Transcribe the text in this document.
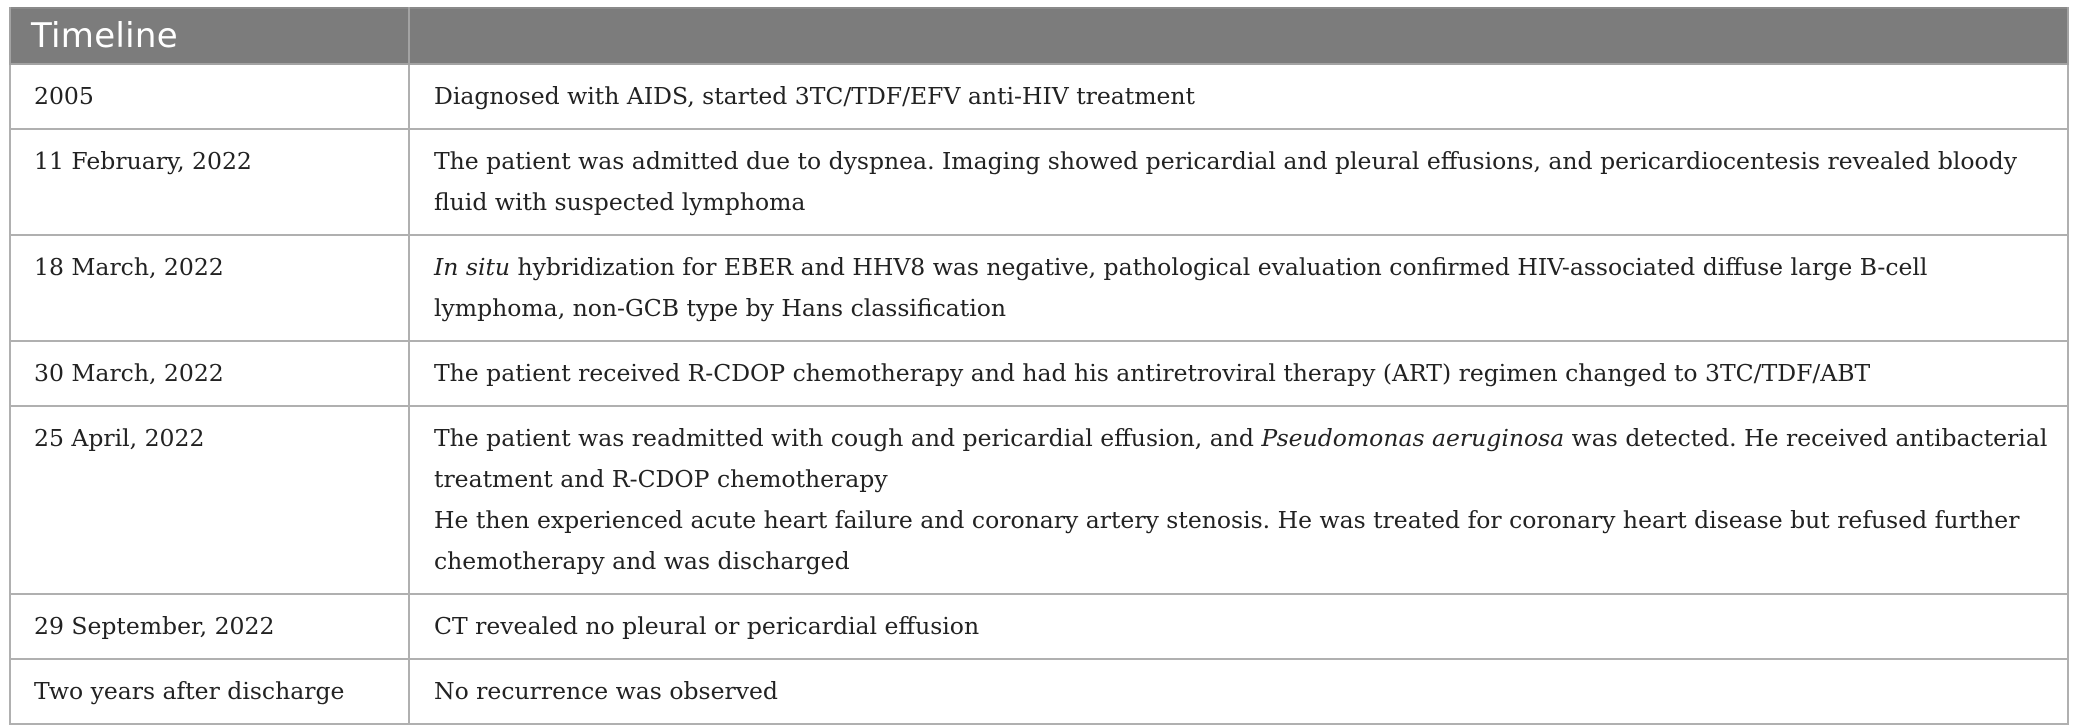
Timeline	
2005	Diagnosed with AIDS, started 3TC/TDF/EFV anti-HIV treatment
11 February, 2022	The patient was admitted due to dyspnea. Imaging showed pericardial and pleural effusions, and pericardiocentesis revealed bloody fluid with suspected lymphoma
18 March, 2022	In situ hybridization for EBER and HHV8 was negative, pathological evaluation confirmed HIV-associated diffuse large B-cell lymphoma, non-GCB type by Hans classification
30 March, 2022	The patient received R-CDOP chemotherapy and had his antiretroviral therapy (ART) regimen changed to 3TC/TDF/ABT
25 April, 2022	The patient was readmitted with cough and pericardial effusion, and Pseudomonas aeruginosa was detected. He received antibacterial treatment and R-CDOP chemotherapy
He then experienced acute heart failure and coronary artery stenosis. He was treated for coronary heart disease but refused further chemotherapy and was discharged
29 September, 2022	CT revealed no pleural or pericardial effusion
Two years after discharge	No recurrence was observed
